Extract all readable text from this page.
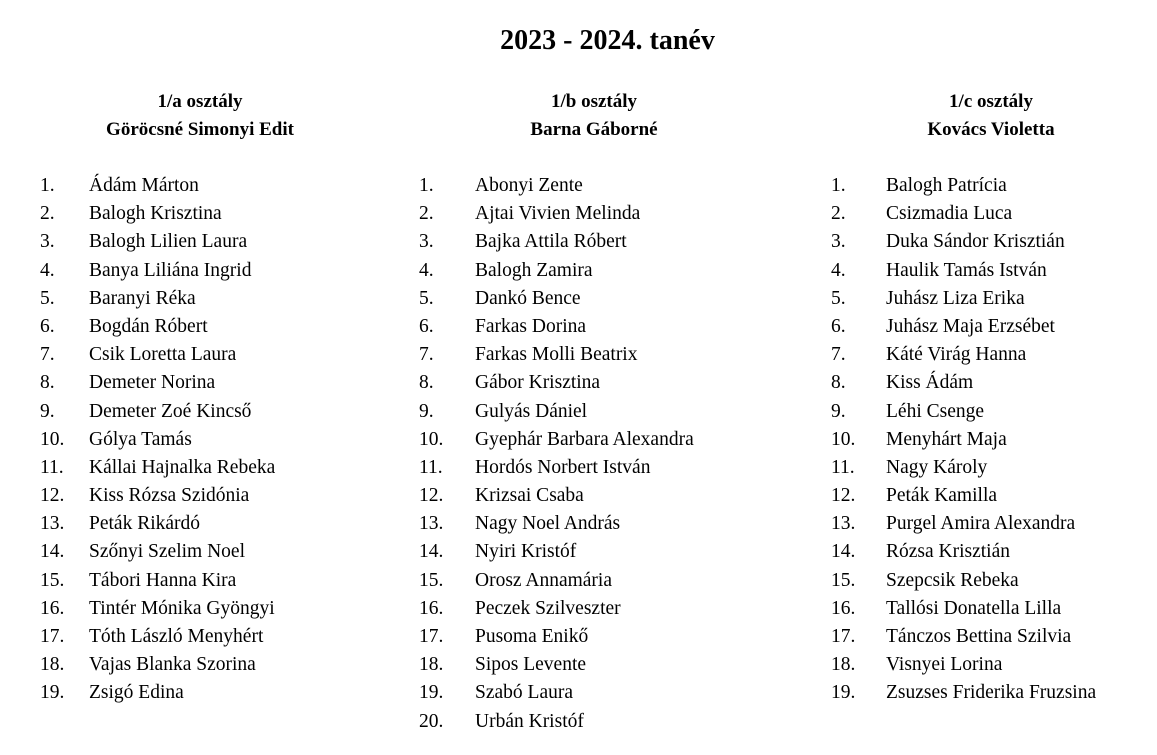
2023 - 2024. tanév
1/a osztály
Göröcsné Simonyi Edit
1. Ádám Márton
2. Balogh Krisztina
3. Balogh Lilien Laura
4. Banya Liliána Ingrid
5. Baranyi Réka
6. Bogdán Róbert
7. Csik Loretta Laura
8. Demeter Norina
9. Demeter Zoé Kincső
10. Gólya Tamás
11. Kállai Hajnalka Rebeka
12. Kiss Rózsa Szidónia
13. Peták Rikárdó
14. Szőnyi Szelim Noel
15. Tábori Hanna Kira
16. Tintér Mónika Gyöngyi
17. Tóth László Menyhért
18. Vajas Blanka Szorina
19. Zsigó Edina
1/b osztály
Barna Gáborné
1. Abonyi Zente
2. Ajtai Vivien Melinda
3. Bajka Attila Róbert
4. Balogh Zamira
5. Dankó Bence
6. Farkas Dorina
7. Farkas Molli Beatrix
8. Gábor Krisztina
9. Gulyás Dániel
10. Gyephár Barbara Alexandra
11. Hordós Norbert István
12. Krizsai Csaba
13. Nagy Noel András
14. Nyiri Kristóf
15. Orosz Annamária
16. Peczek Szilveszter
17. Pusoma Enikő
18. Sipos Levente
19. Szabó Laura
20. Urbán Kristóf
1/c osztály
Kovács Violetta
1. Balogh Patrícia
2. Csizmadia Luca
3. Duka Sándor Krisztián
4. Haulik Tamás István
5. Juhász Liza Erika
6. Juhász Maja Erzsébet
7. Káté Virág Hanna
8. Kiss Ádám
9. Léhi Csenge
10. Menyhárt Maja
11. Nagy Károly
12. Peták Kamilla
13. Purgel Amira Alexandra
14. Rózsa Krisztián
15. Szepcsik Rebeka
16. Tallósi Donatella Lilla
17. Tánczos Bettina Szilvia
18. Visnyei Lorina
19. Zsuzses Friderika Fruzsina
